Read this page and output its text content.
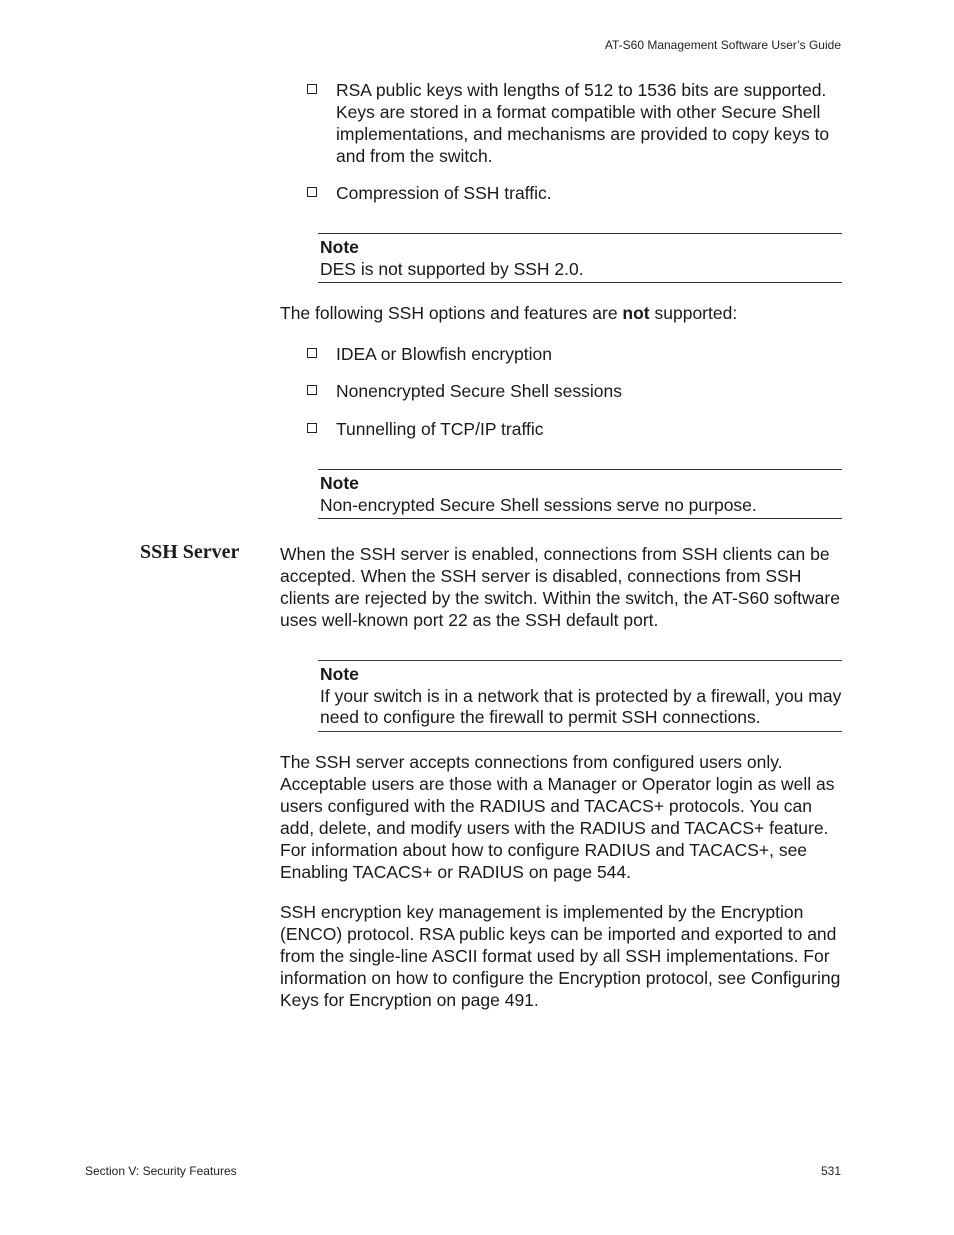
AT-S60 Management Software User’s Guide
RSA public keys with lengths of 512 to 1536 bits are supported. Keys are stored in a format compatible with other Secure Shell implementations, and mechanisms are provided to copy keys to and from the switch.
Compression of SSH traffic.
Note
DES is not supported by SSH 2.0.
The following SSH options and features are not supported:
IDEA or Blowfish encryption
Nonencrypted Secure Shell sessions
Tunnelling of TCP/IP traffic
Note
Non-encrypted Secure Shell sessions serve no purpose.
SSH Server When the SSH server is enabled, connections from SSH clients can be accepted. When the SSH server is disabled, connections from SSH clients are rejected by the switch. Within the switch, the AT-S60 software uses well-known port 22 as the SSH default port.
Note
If your switch is in a network that is protected by a firewall, you may need to configure the firewall to permit SSH connections.
The SSH server accepts connections from configured users only. Acceptable users are those with a Manager or Operator login as well as users configured with the RADIUS and TACACS+ protocols. You can add, delete, and modify users with the RADIUS and TACACS+ feature. For information about how to configure RADIUS and TACACS+, see Enabling TACACS+ or RADIUS on page 544.
SSH encryption key management is implemented by the Encryption (ENCO) protocol. RSA public keys can be imported and exported to and from the single-line ASCII format used by all SSH implementations. For information on how to configure the Encryption protocol, see Configuring Keys for Encryption on page 491.
Section V: Security Features	531
